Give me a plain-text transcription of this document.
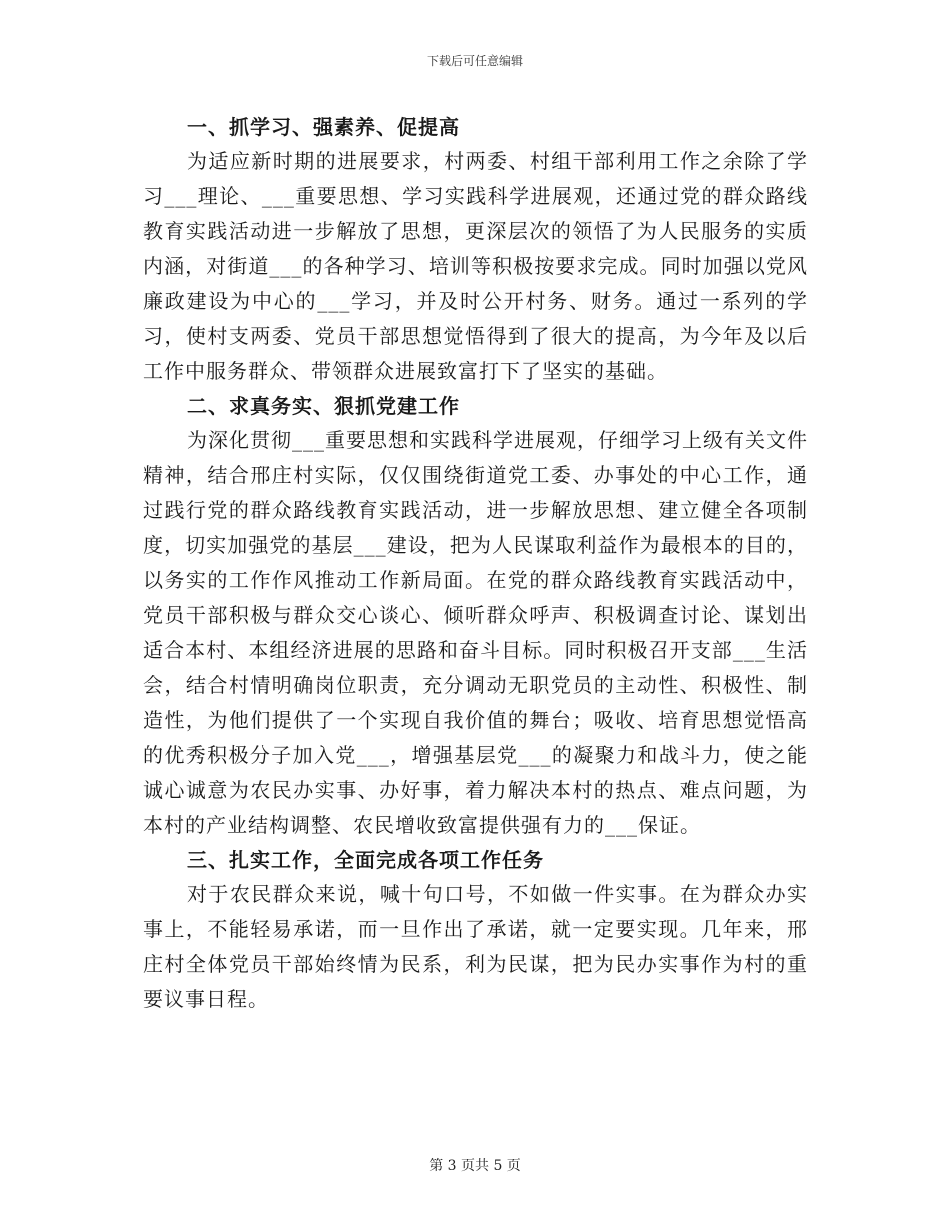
下载后可任意编辑
一、抓学习、强素养、促提高

为适应新时期的进展要求，村两委、村组干部利用工作之余除了学习___理论、___重要思想、学习实践科学进展观，还通过党的群众路线教育实践活动进一步解放了思想，更深层次的领悟了为人民服务的实质内涵，对街道___的各种学习、培训等积极按要求完成。同时加强以党风廉政建设为中心的___学习，并及时公开村务、财务。通过一系列的学习，使村支两委、党员干部思想觉悟得到了很大的提高，为今年及以后工作中服务群众、带领群众进展致富打下了坚实的基础。

二、求真务实、狠抓党建工作

为深化贯彻___重要思想和实践科学进展观，仔细学习上级有关文件精神，结合邢庄村实际，仅仅围绕街道党工委、办事处的中心工作，通过践行党的群众路线教育实践活动，进一步解放思想、建立健全各项制度，切实加强党的基层___建设，把为人民谋取利益作为最根本的目的，以务实的工作作风推动工作新局面。在党的群众路线教育实践活动中，党员干部积极与群众交心谈心、倾听群众呼声、积极调查讨论、谋划出适合本村、本组经济进展的思路和奋斗目标。同时积极召开支部___生活会，结合村情明确岗位职责，充分调动无职党员的主动性、积极性、制造性，为他们提供了一个实现自我价值的舞台；吸收、培育思想觉悟高的优秀积极分子加入党___，增强基层党___的凝聚力和战斗力，使之能诚心诚意为农民办实事、办好事，着力解决本村的热点、难点问题，为本村的产业结构调整、农民增收致富提供强有力的___保证。

三、扎实工作，全面完成各项工作任务

对于农民群众来说，喊十句口号，不如做一件实事。在为群众办实事上，不能轻易承诺，而一旦作出了承诺，就一定要实现。几年来，邢庄村全体党员干部始终情为民系，利为民谋，把为民办实事作为村的重要议事日程。

第 3 页共 5 页
